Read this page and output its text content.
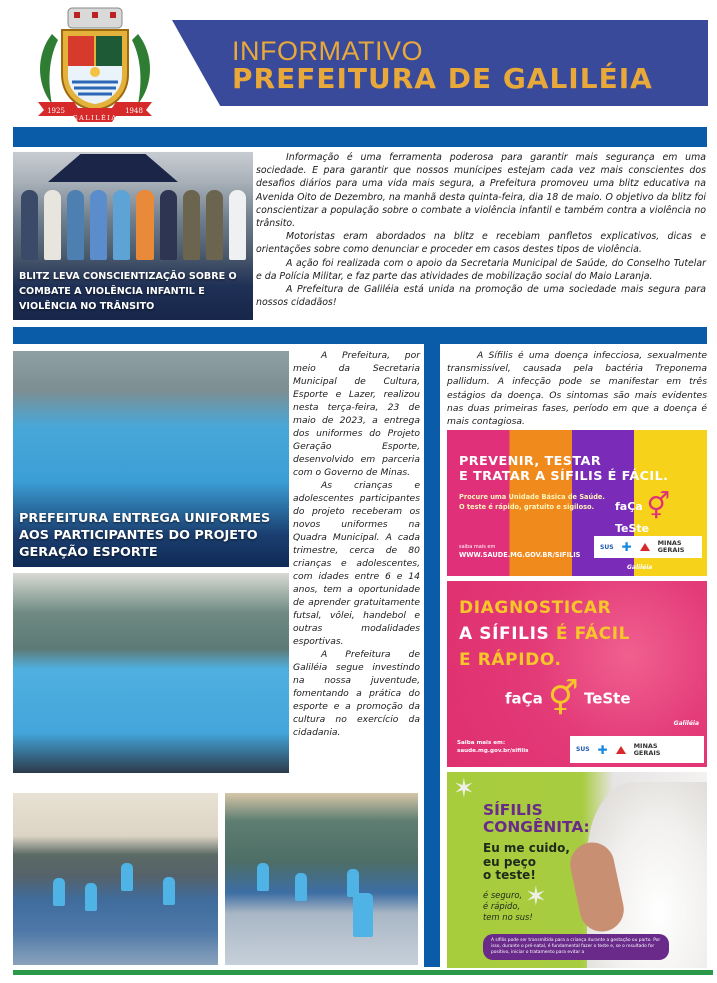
1925	1948
GALILÉIA
INFORMATIVO
PREFEITURA DE GALILÉIA
BLITZ LEVA CONSCIENTIZAÇÃO SOBRE O COMBATE A VIOLÊNCIA INFANTIL E VIOLÊNCIA NO TRÂNSITO

Informação é uma ferramenta poderosa para garantir mais segurança em uma sociedade. E para garantir que nossos munícipes estejam cada vez mais conscientes dos desafios diários para uma vida mais segura, a Prefeitura promoveu uma blitz educativa na Avenida Oito de Dezembro, na manhã desta quinta-feira, dia 18 de maio. O objetivo da blitz foi conscientizar a população sobre o combate a violência infantil e também contra a violência no trânsito.

Motoristas eram abordados na blitz e recebiam panfletos explicativos, dicas e orientações sobre como denunciar e proceder em casos destes tipos de violência.

A ação foi realizada com o apoio da Secretaria Municipal de Saúde, do Conselho Tutelar e da Polícia Militar, e faz parte das atividades de mobilização social do Maio Laranja.

A Prefeitura de Galiléia está unida na promoção de uma sociedade mais segura para nossos cidadãos!

PREFEITURA ENTREGA UNIFORMES AOS PARTICIPANTES DO PROJETO GERAÇÃO ESPORTE

A Prefeitura, por meio da Secretaria Municipal de Cultura, Esporte e Lazer, realizou nesta terça-feira, 23 de maio de 2023, a entrega dos uniformes do Projeto Geração Esporte, desenvolvido em parceria com o Governo de Minas.

As crianças e adolescentes participantes do projeto receberam os novos uniformes na Quadra Municipal. A cada trimestre, cerca de 80 crianças e adolescentes, com idades entre 6 e 14 anos, tem a oportunidade de aprender gratuitamente futsal, vôlei, handebol e outras modalidades esportivas.

A Prefeitura de Galiléia segue investindo na nossa juventude, fomentando a prática do esporte e a promoção da cultura no exercício da cidadania.

A Sífilis é uma doença infecciosa, sexualmente transmissível, causada pela bactéria Treponema pallidum. A infecção pode se manifestar em três estágios da doença. Os sintomas são mais evidentes nas duas primeiras fases, período em que a doença é mais contagiosa.

PREVENIR, TESTAR
E TRATAR A SÍFILIS É FÁCIL.
Procure uma Unidade Básica de Saúde.
O teste é rápido, gratuito e sigiloso.	faÇa ⚥ TeSte
saiba mais em
WWW.SAUDE.MG.GOV.BR/SIFILIS
SUS ✚	MINAS
GERAIS
Galiléia
DIAGNOSTICAR
A SÍFILIS É FÁCIL
E RÁPIDO.
faÇa ⚥ TeSte
Galiléia
Saiba mais em:
saude.mg.gov.br/sifilis	SUS ✚	MINAS
GERAIS
✶
✶
SÍFILIS
CONGÊNITA:
Eu me cuido,
eu peço
o teste!
é seguro,
é rápido,
tem no sus!
A sífilis pode ser transmitida para a criança durante a gestação ou parto. Por isso, durante o pré-natal, é fundamental fazer o teste e, se o resultado for positivo, iniciar o tratamento para evitar a
